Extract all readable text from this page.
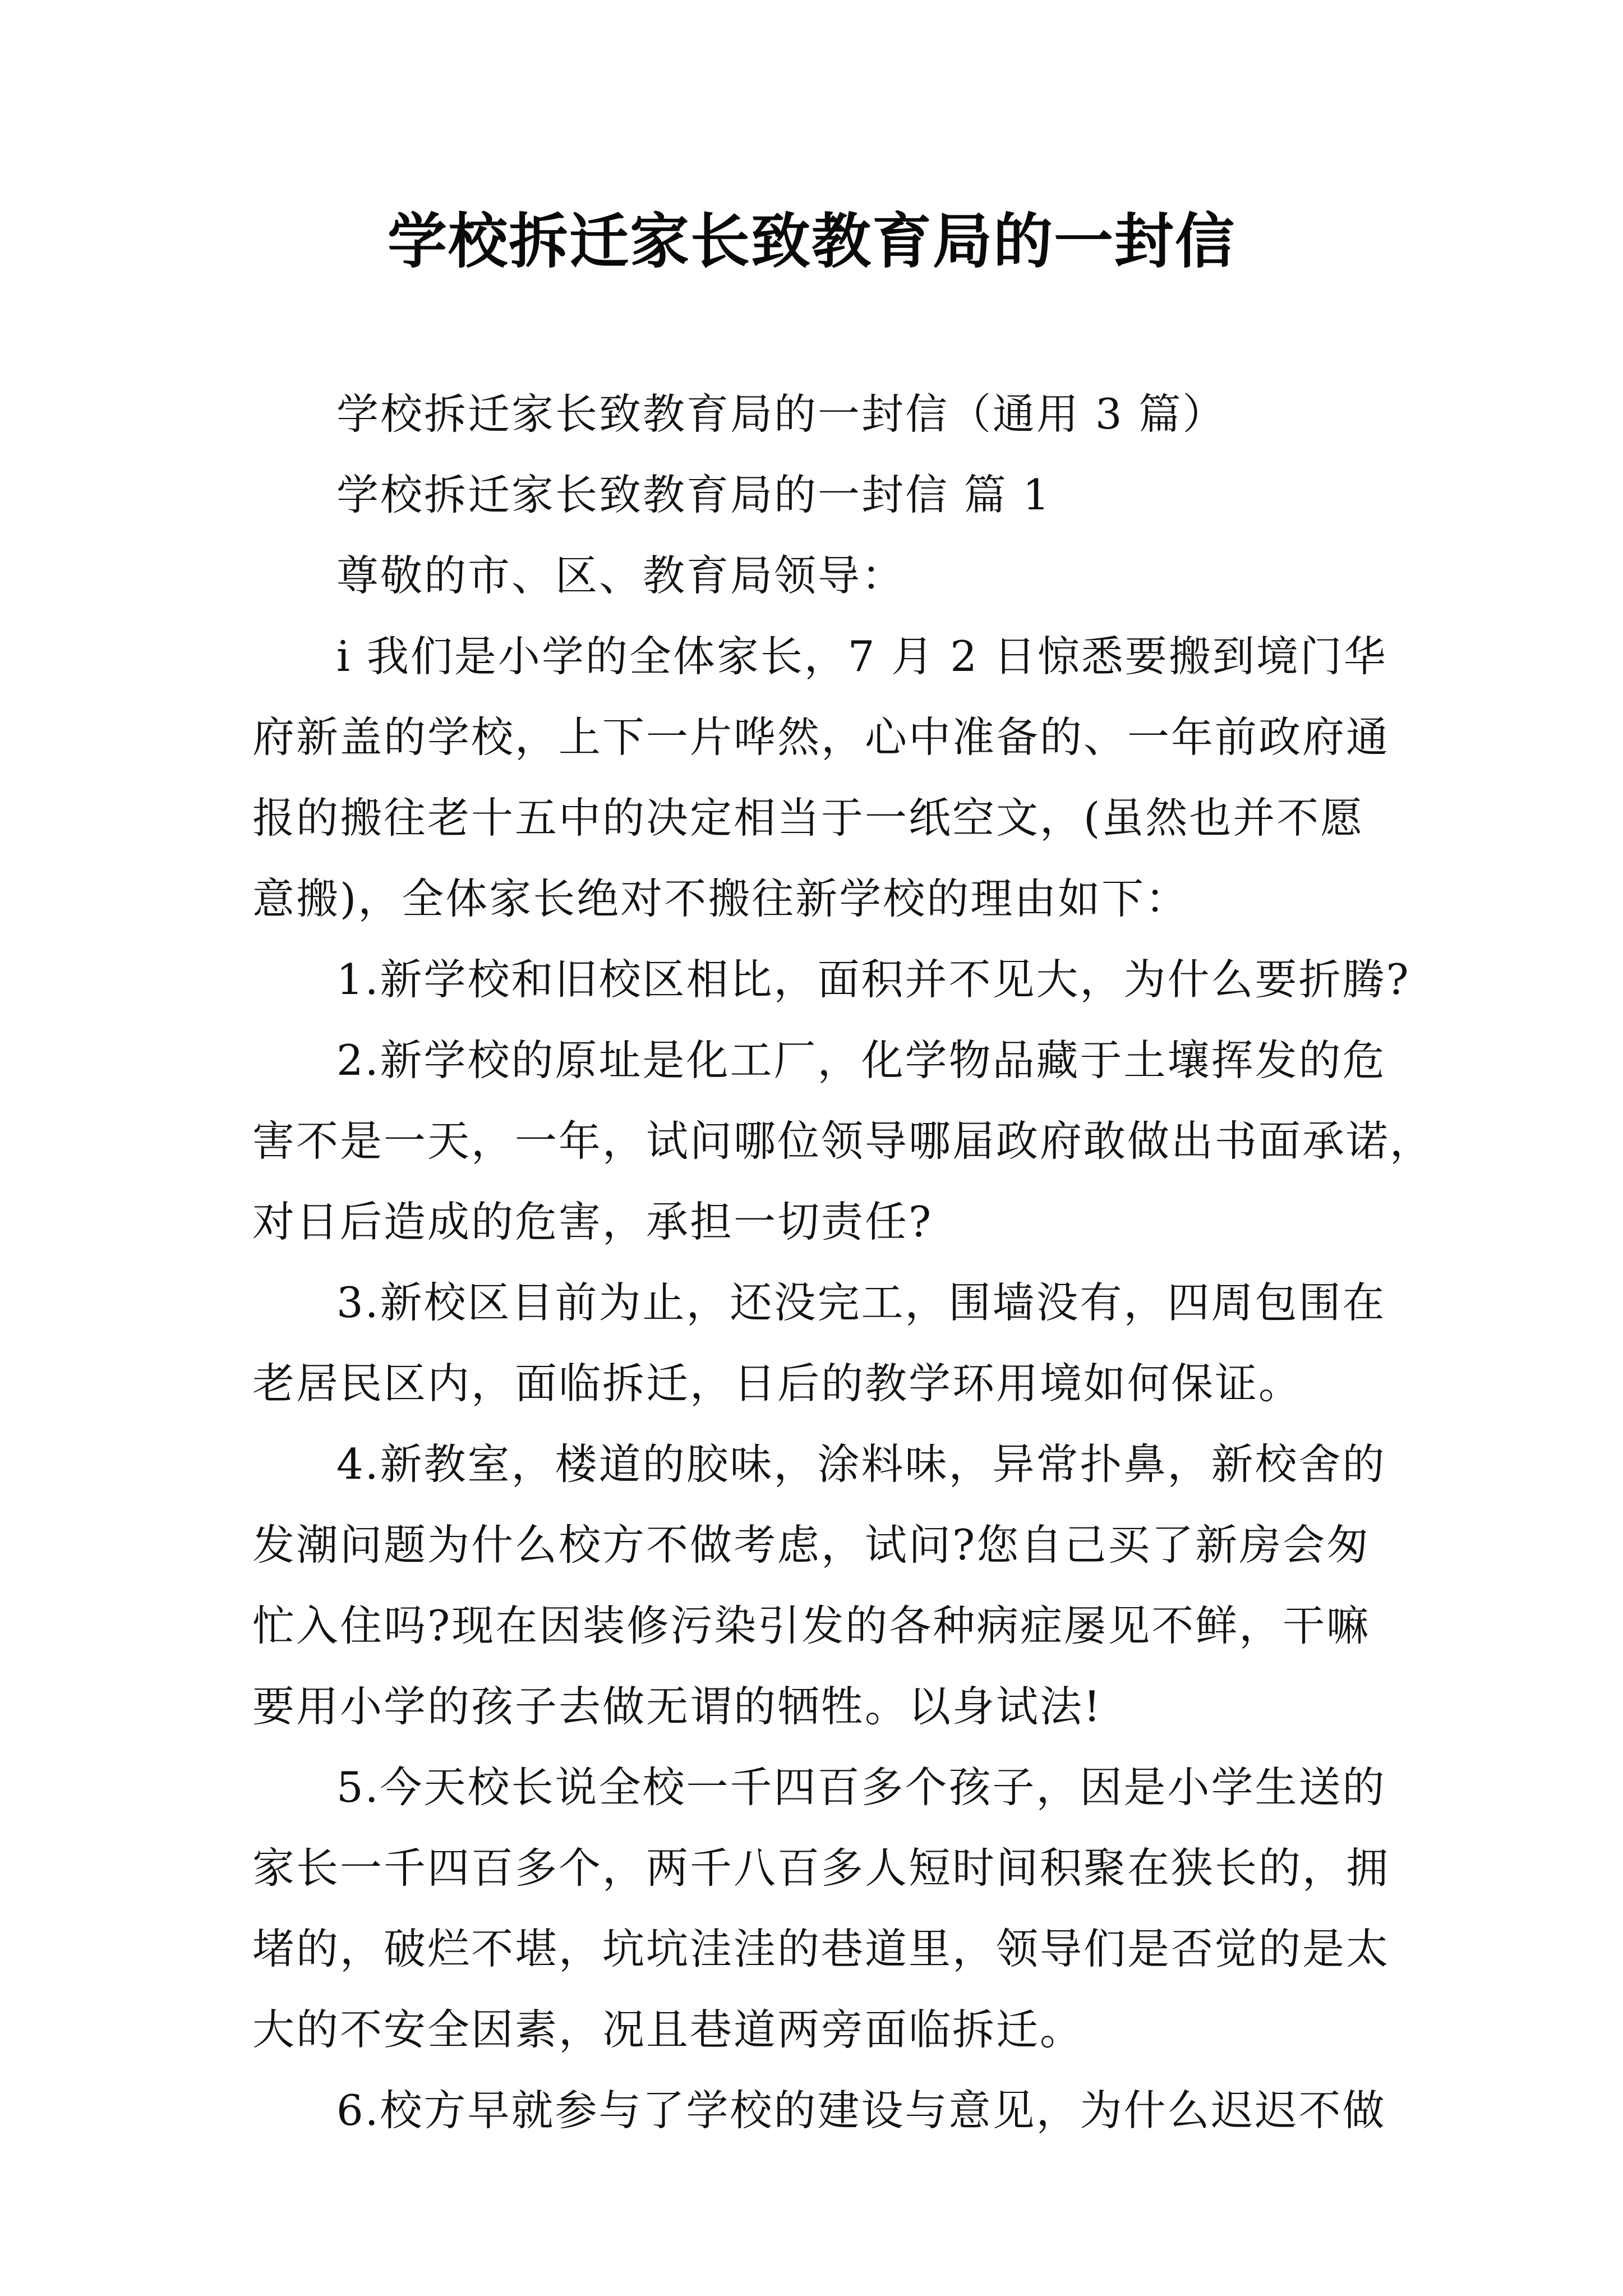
学校拆迁家长致教育局的一封信
学校拆迁家长致教育局的一封信（通用 3 篇）
学校拆迁家长致教育局的一封信 篇 1
尊敬的市、区、教育局领导：
i 我们是小学的全体家长，7 月 2 日惊悉要搬到境门华
府新盖的学校，上下一片哗然，心中准备的、一年前政府通
报的搬往老十五中的决定相当于一纸空文，(虽然也并不愿
意搬)，全体家长绝对不搬往新学校的理由如下：
1.新学校和旧校区相比，面积并不见大，为什么要折腾?
2.新学校的原址是化工厂，化学物品藏于土壤挥发的危
害不是一天，一年，试问哪位领导哪届政府敢做出书面承诺，
对日后造成的危害，承担一切责任?
3.新校区目前为止，还没完工，围墙没有，四周包围在
老居民区内，面临拆迁，日后的教学环用境如何保证。
4.新教室，楼道的胶味，涂料味，异常扑鼻，新校舍的
发潮问题为什么校方不做考虑，试问?您自己买了新房会匆
忙入住吗?现在因装修污染引发的各种病症屡见不鲜，干嘛
要用小学的孩子去做无谓的牺牲。以身试法!
5.今天校长说全校一千四百多个孩子，因是小学生送的
家长一千四百多个，两千八百多人短时间积聚在狭长的，拥
堵的，破烂不堪，坑坑洼洼的巷道里，领导们是否觉的是太
大的不安全因素，况且巷道两旁面临拆迁。
6.校方早就参与了学校的建设与意见，为什么迟迟不做
